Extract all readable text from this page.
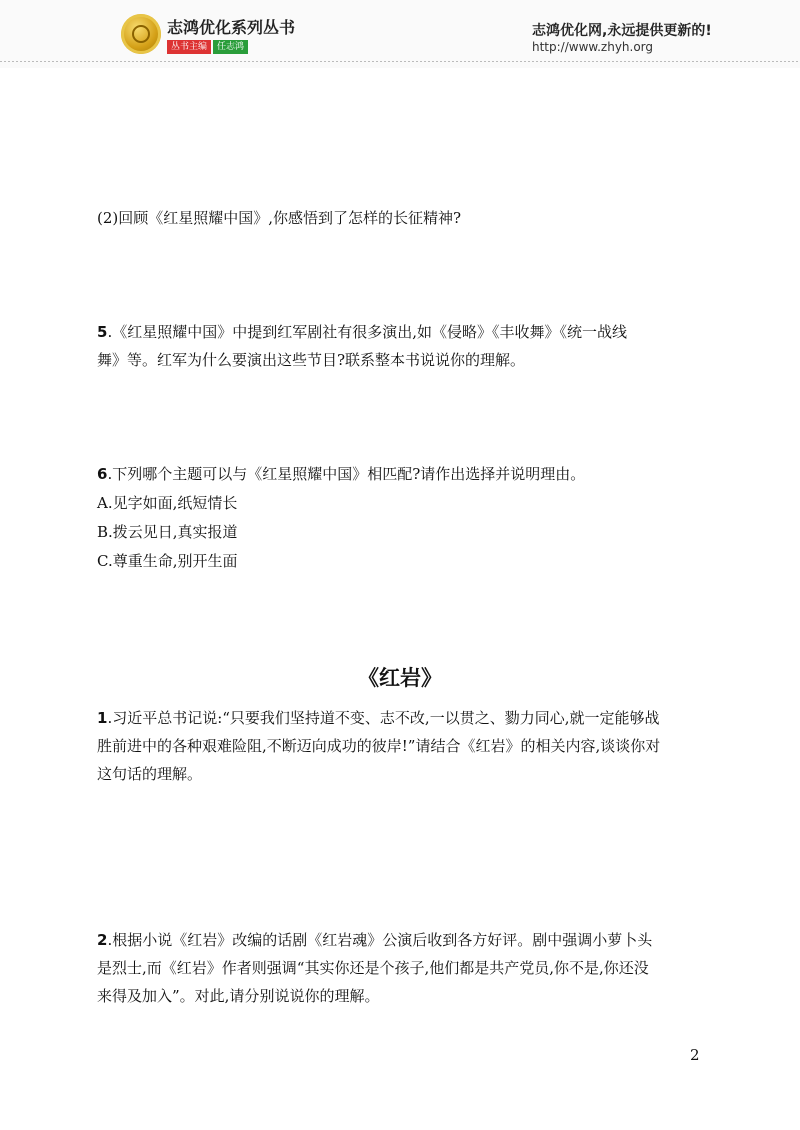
志鸿优化系列丛书
丛书主编	任志鸿
志鸿优化网,永远提供更新的!
http://www.zhyh.org
(2)回顾《红星照耀中国》,你感悟到了怎样的长征精神?
5.《红星照耀中国》中提到红军剧社有很多演出,如《侵略》《丰收舞》《统一战线
舞》等。红军为什么要演出这些节目?联系整本书说说你的理解。
6.下列哪个主题可以与《红星照耀中国》相匹配?请作出选择并说明理由。
A.见字如面,纸短情长
B.拨云见日,真实报道
C.尊重生命,别开生面
《红岩》
1.习近平总书记说:“只要我们坚持道不变、志不改,一以贯之、勠力同心,就一定能够战
胜前进中的各种艰难险阻,不断迈向成功的彼岸!”请结合《红岩》的相关内容,谈谈你对
这句话的理解。
2.根据小说《红岩》改编的话剧《红岩魂》公演后收到各方好评。剧中强调小萝卜头
是烈士,而《红岩》作者则强调“其实你还是个孩子,他们都是共产党员,你不是,你还没
来得及加入”。对此,请分别说说你的理解。
2
